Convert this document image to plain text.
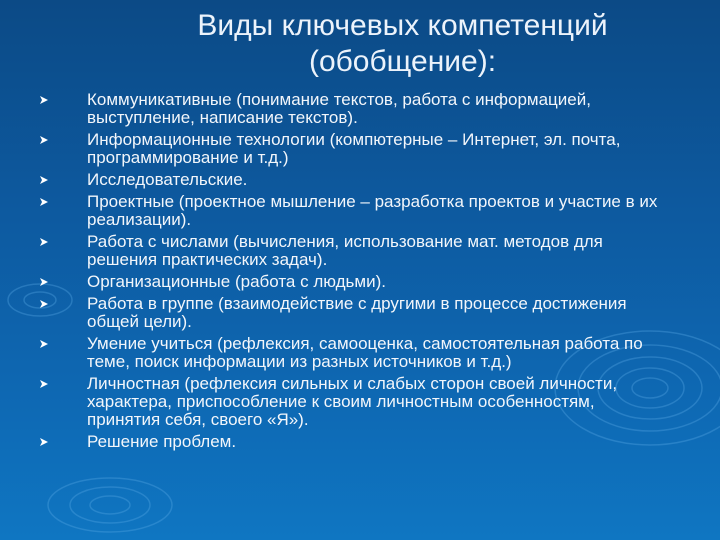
Виды ключевых компетенций
(обобщение):
Коммуникативные (понимание текстов, работа с информацией, выступление, написание текстов).
Информационные технологии (компютерные – Интернет, эл. почта, программирование и т.д.)
Исследовательские.
Проектные (проектное мышление – разработка проектов и участие в их реализации).
Работа с числами (вычисления, использование мат. методов для решения практических задач).
Организационные (работа с людьми).
Работа в группе (взаимодействие с другими в процессе достижения общей цели).
Умение учиться (рефлексия, самооценка, самостоятельная работа по теме, поиск информации из разных источников и т.д.)
Личностная (рефлексия сильных и слабых сторон своей личности, характера, приспособление к своим личностным особенностям, принятия себя, своего «Я»).
Решение проблем.
